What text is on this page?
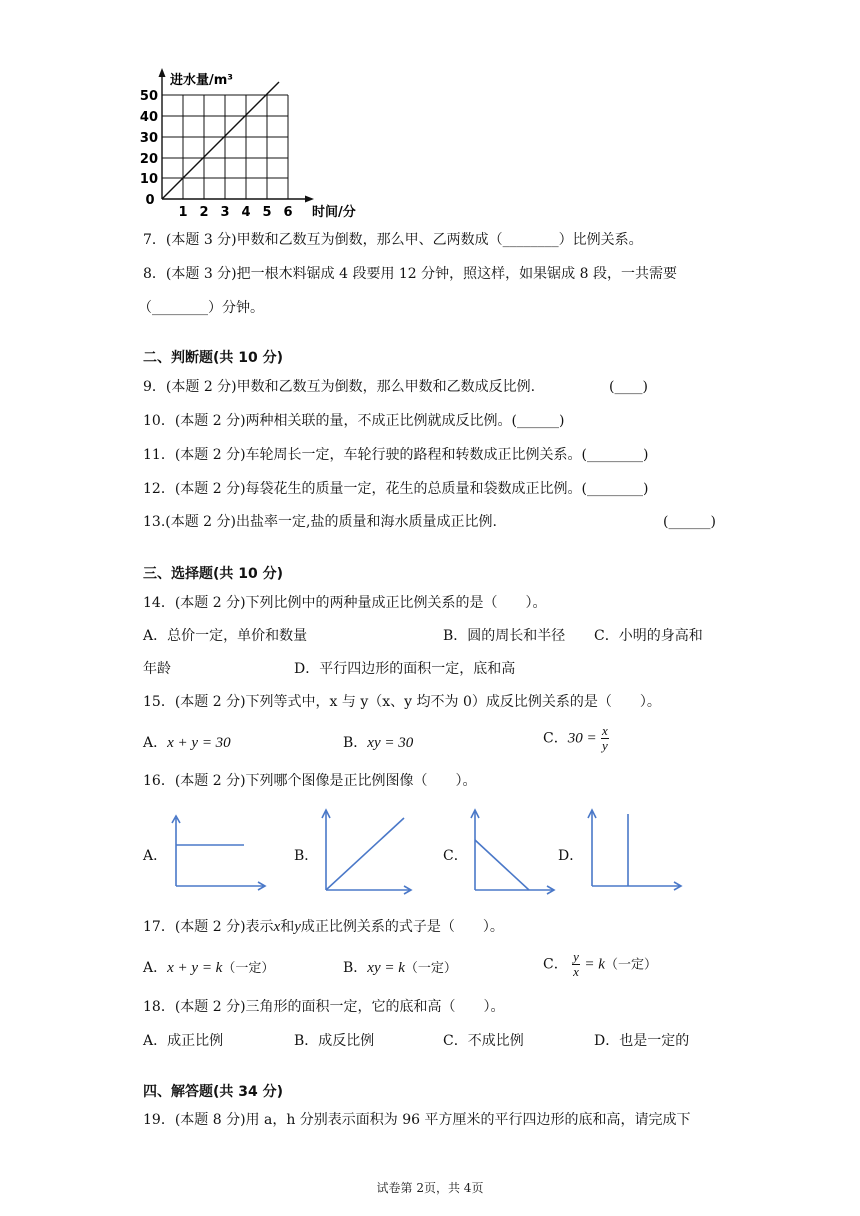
进水量/m³
时间/分
0
50
40
30
20
10
1 2 3 4 5 6
7．(本题 3 分)甲数和乙数互为倒数，那么甲、乙两数成（________）比例关系。
8．(本题 3 分)把一根木料锯成 4 段要用 12 分钟，照这样，如果锯成 8 段，一共需要
（________）分钟。
二、判断题(共 10 分)
9．(本题 2 分)甲数和乙数互为倒数，那么甲数和乙数成反比例.	(____)
10．(本题 2 分)两种相关联的量，不成正比例就成反比例。(______)
11．(本题 2 分)车轮周长一定，车轮行驶的路程和转数成正比例关系。(________)
12．(本题 2 分)每袋花生的质量一定，花生的总质量和袋数成正比例。(________)
13.(本题 2 分)出盐率一定,盐的质量和海水质量成正比例.	(______)
三、选择题(共 10 分)
14．(本题 2 分)下列比例中的两种量成正比例关系的是（　　）。
A．总价一定，单价和数量	B．圆的周长和半径 C．小明的身高和
年龄	D．平行四边形的面积一定，底和高
15．(本题 2 分)下列等式中，x 与 y（x、y 均不为 0）成反比例关系的是（　　）。
A．x + y = 30	B．xy = 30	C．$30 = \frac{x}{y}$
16．(本题 2 分)下列哪个图像是正比例图像（　　）。
A．	B．	C．	D．
17．(本题 2 分)表示x和y成正比例关系的式子是（　　）。
A．x + y = k（一定）	B．xy = k（一定）	C． $\frac{y}{x} = k$（一定）
18．(本题 2 分)三角形的面积一定，它的底和高（　　）。
A．成正比例	B．成反比例	C．不成比例	D．也是一定的
四、解答题(共 34 分)
19．(本题 8 分)用 a，h 分别表示面积为 96 平方厘米的平行四边形的底和高，请完成下
试卷第 2页，共 4页
